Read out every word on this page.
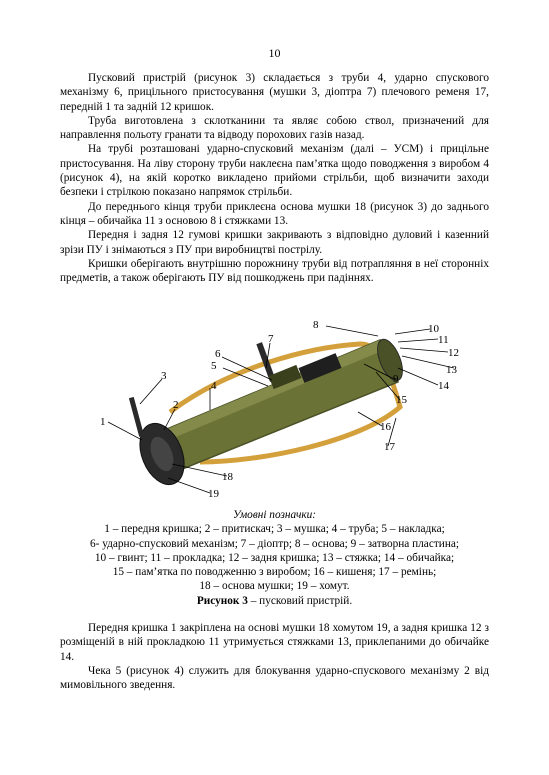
10

Пусковий пристрій (рисунок 3) складається з труби 4, ударно спускового механізму 6, прицільного пристосування (мушки 3, діоптра 7) плечового ременя 17, передній 1 та задній 12 кришок.

Труба виготовлена з склотканини та являє собою ствол, призначений для направлення польоту гранати та відводу порохових газів назад.

На трубі розташовані ударно-спусковий механізм (далі – УСМ) і прицільне пристосування. На ліву сторону труби наклеєна пам’ятка щодо поводження з виробом 4 (рисунок 4), на якій коротко викладено прийоми стрільби, щоб визначити заходи безпеки і стрілкою показано напрямок стрільби.

До переднього кінця труби приклеєна основа мушки 18 (рисунок 3) до заднього кінця – обичайка 11 з основою 8 і стяжками 13.

Передня і задня 12 гумові кришки закривають з відповідно дуловий і казенний зрізи ПУ і знімаються з ПУ при виробництві пострілу.

Кришки оберігають внутрішню порожнину труби від потрапляння в неї сторонніх предметів, а також оберігають ПУ від пошкоджень при падіннях.

1
2
3
4
5
6
7
8
9
10
11
12
13
14
15
16
17
18
19
Умовні позначки:
1 – передня кришка; 2 – притискач; 3 – мушка; 4 – труба; 5 – накладка;
6- ударно-спусковий механізм; 7 – діоптр; 8 – основа; 9 – затворна пластина;
10 – гвинт; 11 – прокладка; 12 – задня кришка; 13 – стяжка; 14 – обичайка;
15 – пам’ятка по поводженню з виробом; 16 – кишеня; 17 – ремінь;
18 – основа мушки; 19 – хомут.
Рисунок 3 – пусковий пристрій.

Передня кришка 1 закріплена на основі мушки 18 хомутом 19, а задня кришка 12 з розміщеній в ній прокладкою 11 утримується стяжками 13, приклепаними до обичайке 14.

Чека 5 (рисунок 4) служить для блокування ударно-спускового механізму 2 від мимовільного зведення.
